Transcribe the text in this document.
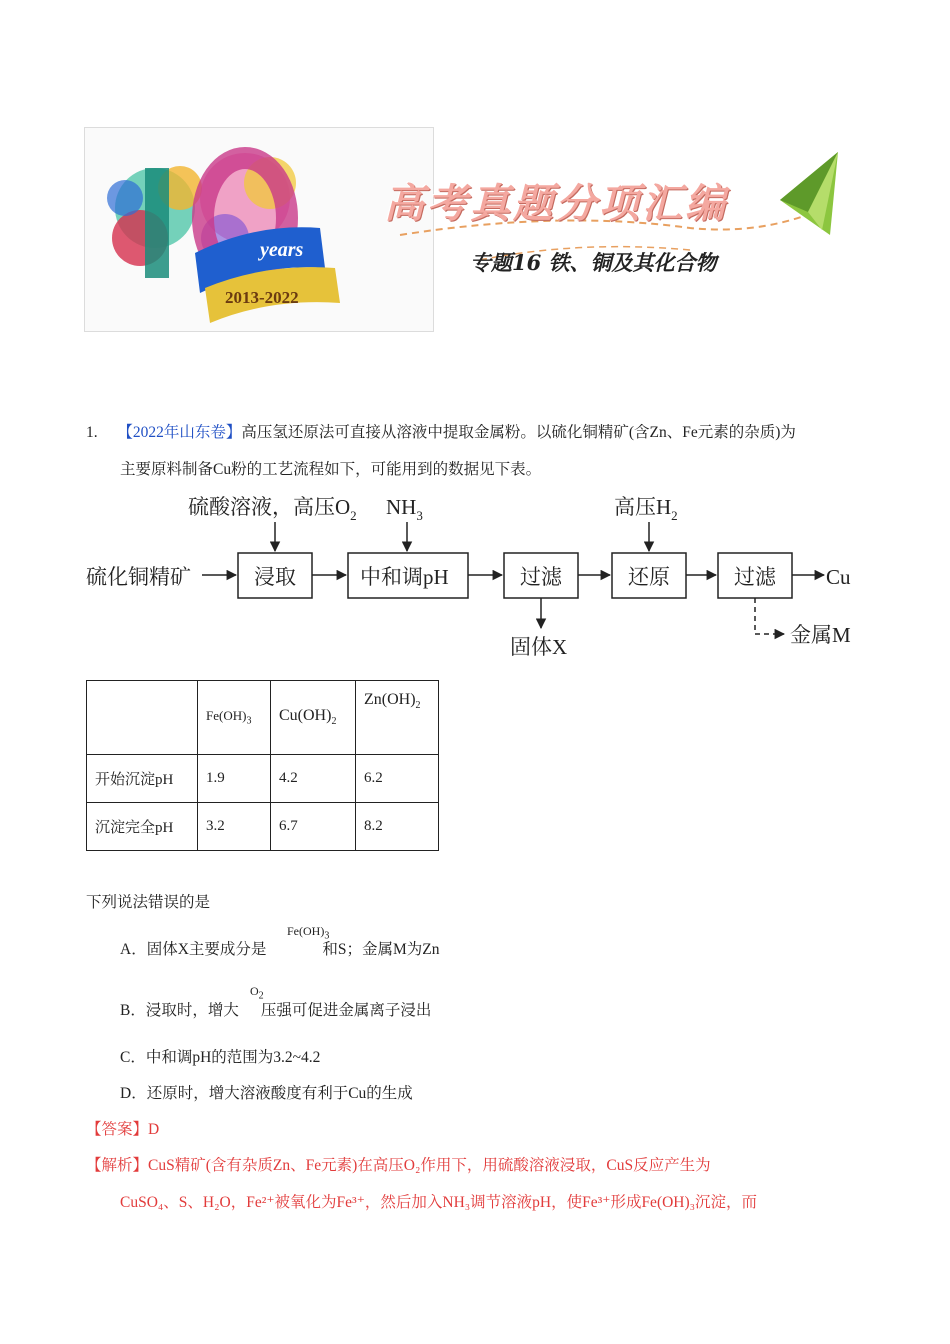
years
2013-2022
高考真题分项汇编
专题16 铁、铜及其化合物
1. 【2022年山东卷】高压氢还原法可直接从溶液中提取金属粉。以硫化铜精矿(含Zn、Fe元素的杂质)为
主要原料制备Cu粉的工艺流程如下，可能用到的数据见下表。
硫酸溶液，高压$O_2$ $NH_3$	高压$H_2$
硫化铜精矿	浸取	中和调pH	过滤	还原	过滤 Cu
固体X	金属M
	$Fe(OH)_3$	$Cu(OH)_2$	$Zn(OH)_2$
开始沉淀pH	1.9	4.2	6.2
沉淀完全pH	3.2	6.7	8.2
下列说法错误的是
A．固体X主要成分是	和S；金属M为Zn
$Fe(OH)_3$
B．浸取时，增大 压强可促进金属离子浸出
$O_2$
C．中和调pH的范围为3.2~4.2
D．还原时，增大溶液酸度有利于Cu的生成
【答案】D
【解析】CuS精矿(含有杂质Zn、Fe元素)在高压O₂作用下，用硫酸溶液浸取，CuS反应产生为
CuSO₄、S、H₂O，Fe²⁺被氧化为Fe³⁺，然后加入NH₃调节溶液pH，使Fe³⁺形成Fe(OH)₃沉淀，而
